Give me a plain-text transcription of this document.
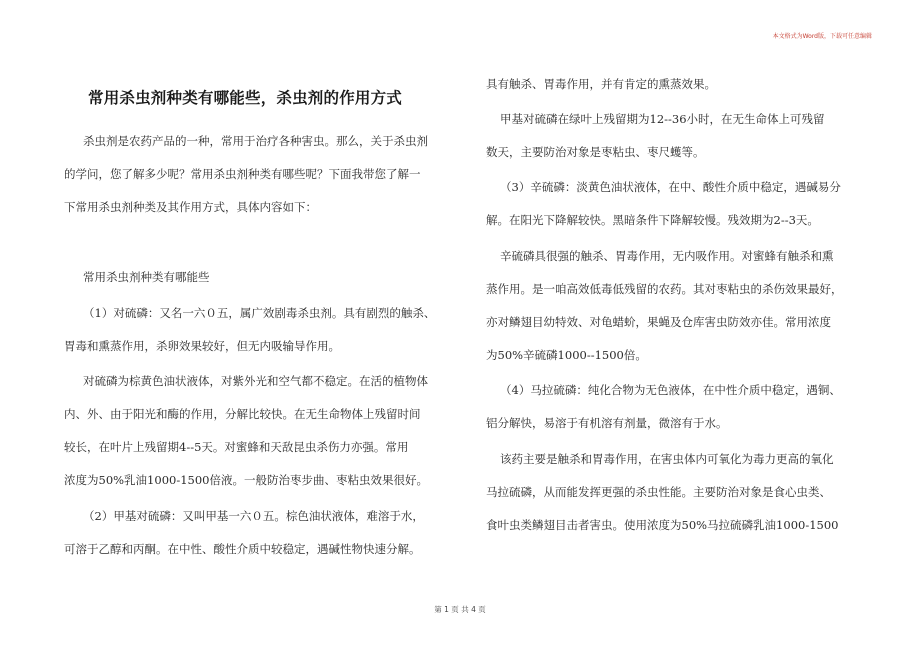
本文格式为Word版，下载可任意编辑
常用杀虫剂种类有哪能些，杀虫剂的作用方式

杀虫剂是农药产品的一种，常用于治疗各种害虫。那么，关于杀虫剂

的学问，您了解多少呢？常用杀虫剂种类有哪些呢？下面我带您了解一

下常用杀虫剂种类及其作用方式，具体内容如下：

常用杀虫剂种类有哪能些

（1）对硫磷：又名一六０五，属广效剧毒杀虫剂。具有剧烈的触杀、

胃毒和熏蒸作用，杀卵效果较好，但无内吸输导作用。

对硫磷为棕黄色油状液体，对紫外光和空气都不稳定。在活的植物体

内、外、由于阳光和酶的作用，分解比较快。在无生命物体上残留时间

较长，在叶片上残留期4--5天。对蜜蜂和天敌昆虫杀伤力亦强。常用

浓度为50%乳油1000-1500倍液。一般防治枣步曲、枣粘虫效果很好。

（2）甲基对硫磷：又叫甲基一六０五。棕色油状液体，难溶于水，

可溶于乙醇和丙酮。在中性、酸性介质中较稳定，遇碱性物快速分解。

具有触杀、胃毒作用，并有肯定的熏蒸效果。

甲基对硫磷在绿叶上残留期为12--36小时，在无生命体上可残留

数天，主要防治对象是枣粘虫、枣尺蠖等。

（3）辛硫磷：淡黄色油状液体，在中、酸性介质中稳定，遇碱易分

解。在阳光下降解较快。黑暗条件下降解较慢。残效期为2--3天。

辛硫磷具很强的触杀、胃毒作用，无内吸作用。对蜜蜂有触杀和熏

蒸作用。是一咱高效低毒低残留的农药。其对枣粘虫的杀伤效果最好，

亦对鳞翅目幼特效、对龟蜡蚧，果蝇及仓库害虫防效亦佳。常用浓度

为50%辛硫磷1000--1500倍。

（4）马拉硫磷：纯化合物为无色液体，在中性介质中稳定，遇铜、

铝分解快，易溶于有机溶有剂量，微溶有于水。

该药主要是触杀和胃毒作用，在害虫体内可氧化为毒力更高的氧化

马拉硫磷，从而能发挥更强的杀虫性能。主要防治对象是食心虫类、

食叶虫类鳞翅目击者害虫。使用浓度为50%马拉硫磷乳油1000-1500

第 1 页 共 4 页
